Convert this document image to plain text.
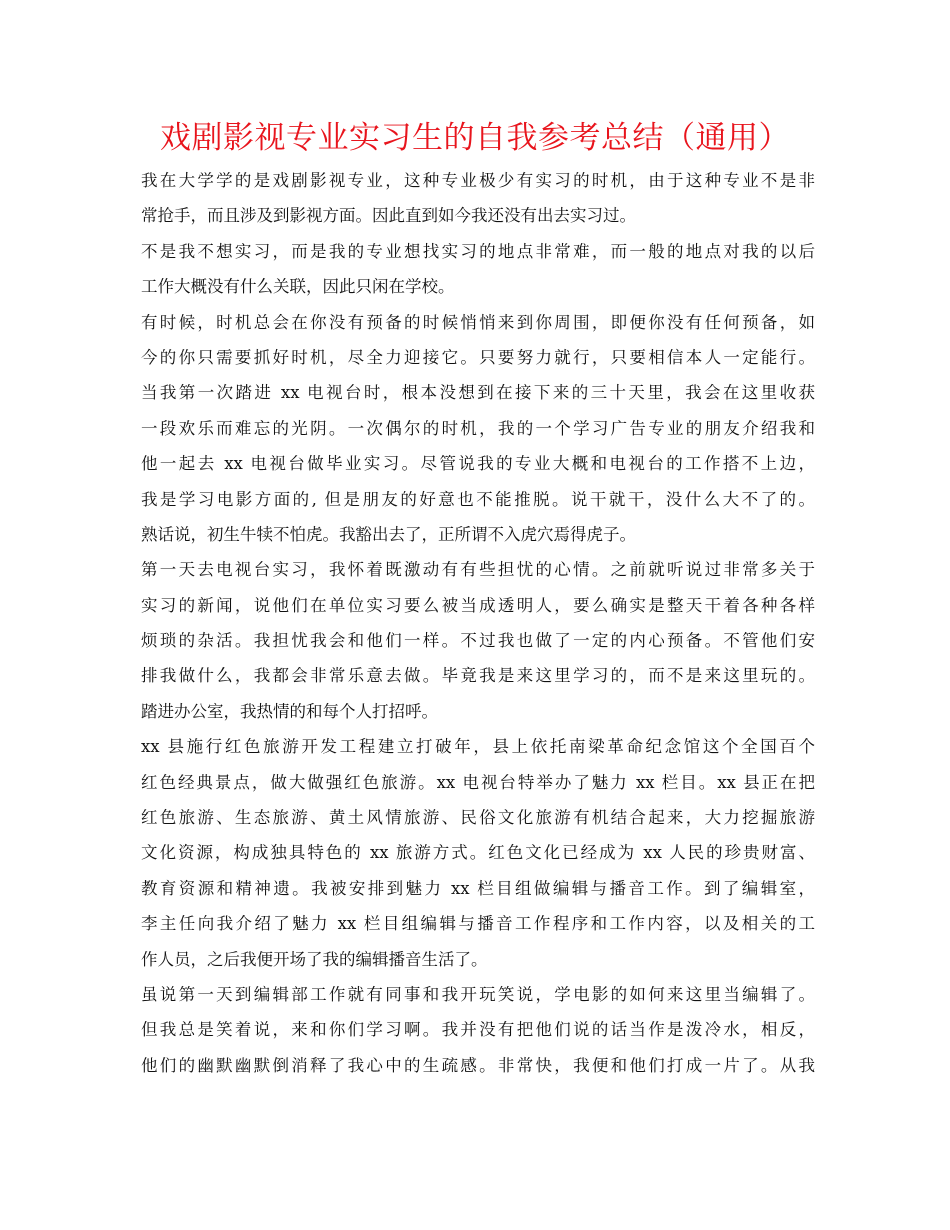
戏剧影视专业实习生的自我参考总结（通用）
我在大学学的是戏剧影视专业，这种专业极少有实习的时机，由于这种专业不是非
常抢手，而且涉及到影视方面。因此直到如今我还没有出去实习过。
不是我不想实习，而是我的专业想找实习的地点非常难，而一般的地点对我的以后
工作大概没有什么关联，因此只闲在学校。
有时候，时机总会在你没有预备的时候悄悄来到你周围，即便你没有任何预备，如
今的你只需要抓好时机，尽全力迎接它。只要努力就行，只要相信本人一定能行。
当我第一次踏进 xx 电视台时，根本没想到在接下来的三十天里，我会在这里收获
一段欢乐而难忘的光阴。一次偶尔的时机，我的一个学习广告专业的朋友介绍我和
他一起去 xx 电视台做毕业实习。尽管说我的专业大概和电视台的工作搭不上边，
我是学习电影方面的, 但是朋友的好意也不能推脱。说干就干，没什么大不了的。
熟话说，初生牛犊不怕虎。我豁出去了，正所谓不入虎穴焉得虎子。
第一天去电视台实习，我怀着既激动有有些担忧的心情。之前就听说过非常多关于
实习的新闻，说他们在单位实习要么被当成透明人，要么确实是整天干着各种各样
烦琐的杂活。我担忧我会和他们一样。不过我也做了一定的内心预备。不管他们安
排我做什么，我都会非常乐意去做。毕竟我是来这里学习的，而不是来这里玩的。
踏进办公室，我热情的和每个人打招呼。
xx 县施行红色旅游开发工程建立打破年，县上依托南梁革命纪念馆这个全国百个
红色经典景点，做大做强红色旅游。xx 电视台特举办了魅力 xx 栏目。xx 县正在把
红色旅游、生态旅游、黄土风情旅游、民俗文化旅游有机结合起来，大力挖掘旅游
文化资源，构成独具特色的 xx 旅游方式。红色文化已经成为 xx 人民的珍贵财富、
教育资源和精神遗。我被安排到魅力 xx 栏目组做编辑与播音工作。到了编辑室，
李主任向我介绍了魅力 xx 栏目组编辑与播音工作程序和工作内容，以及相关的工
作人员，之后我便开场了我的编辑播音生活了。
虽说第一天到编辑部工作就有同事和我开玩笑说，学电影的如何来这里当编辑了。
但我总是笑着说，来和你们学习啊。我并没有把他们说的话当作是泼冷水，相反，
他们的幽默幽默倒消释了我心中的生疏感。非常快，我便和他们打成一片了。从我
